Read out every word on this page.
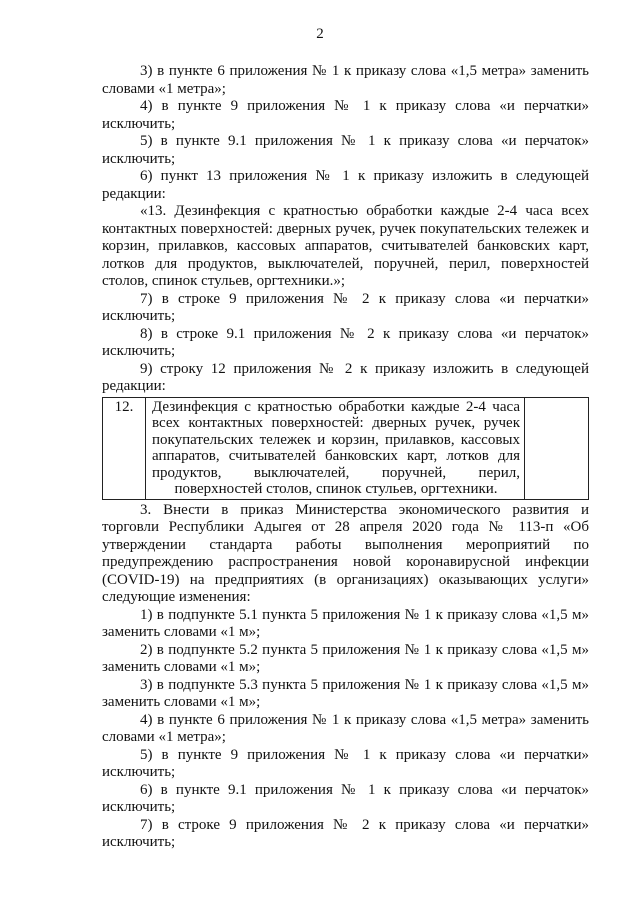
2

3) в пункте 6 приложения № 1 к приказу слова «1,5 метра» заменить словами «1 метра»;

4) в пункте 9 приложения № 1 к приказу слова «и перчатки» исключить;

5) в пункте 9.1 приложения № 1 к приказу слова «и перчаток» исключить;

6) пункт 13 приложения № 1 к приказу изложить в следующей редакции:

«13. Дезинфекция с кратностью обработки каждые 2-4 часа всех контактных поверхностей: дверных ручек, ручек покупательских тележек и корзин, прилавков, кассовых аппаратов, считывателей банковских карт, лотков для продуктов, выключателей, поручней, перил, поверхностей столов, спинок стульев, оргтехники.»;

7) в строке 9 приложения № 2 к приказу слова «и перчатки» исключить;

8) в строке 9.1 приложения № 2 к приказу слова «и перчаток» исключить;

9) строку 12 приложения № 2 к приказу изложить в следующей редакции:

12.	Дезинфекция с кратностью обработки каждые 2-4 часа всех контактных поверхностей: дверных ручек, ручек покупательских тележек и корзин, прилавков, кассовых аппаратов, считывателей банковских карт, лотков для продуктов, выключателей, поручней, перил, поверхностей столов, спинок стульев, оргтехники.	

3. Внести в приказ Министерства экономического развития и торговли Республики Адыгея от 28 апреля 2020 года № 113-п «Об утверждении стандарта работы выполнения мероприятий по предупреждению распространения новой коронавирусной инфекции (COVID-19) на предприятиях (в организациях) оказывающих услуги» следующие изменения:

1) в подпункте 5.1 пункта 5 приложения № 1 к приказу слова «1,5 м» заменить словами «1 м»;

2) в подпункте 5.2 пункта 5 приложения № 1 к приказу слова «1,5 м» заменить словами «1 м»;

3) в подпункте 5.3 пункта 5 приложения № 1 к приказу слова «1,5 м» заменить словами «1 м»;

4) в пункте 6 приложения № 1 к приказу слова «1,5 метра» заменить словами «1 метра»;

5) в пункте 9 приложения № 1 к приказу слова «и перчатки» исключить;

6) в пункте 9.1 приложения № 1 к приказу слова «и перчаток» исключить;

7) в строке 9 приложения № 2 к приказу слова «и перчатки» исключить;
